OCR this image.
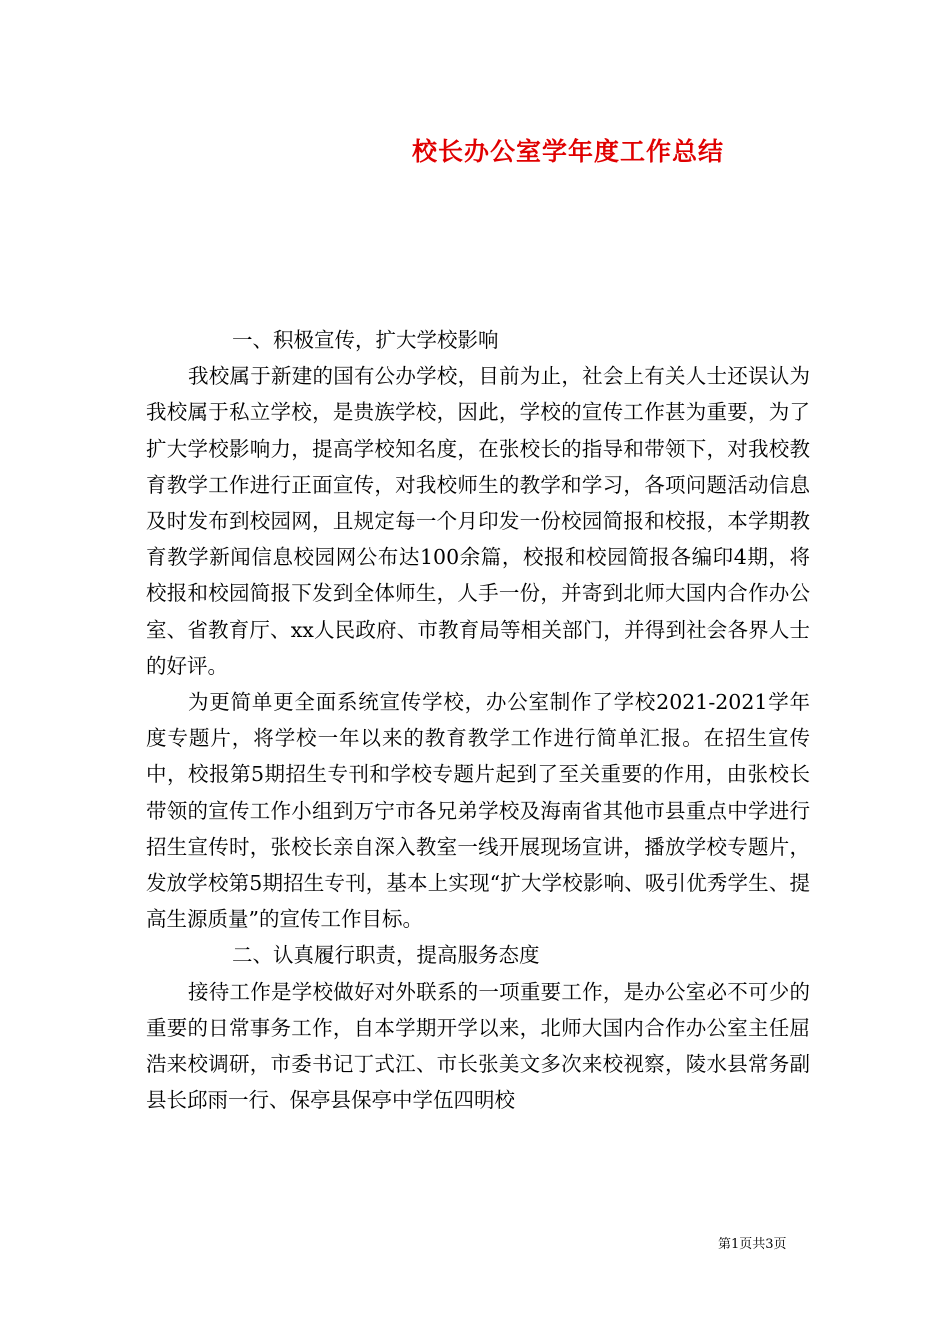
校长办公室学年度工作总结

一、积极宣传，扩大学校影响

我校属于新建的国有公办学校，目前为止，社会上有关人士还误认为我校属于私立学校，是贵族学校，因此，学校的宣传工作甚为重要，为了扩大学校影响力，提高学校知名度，在张校长的指导和带领下，对我校教育教学工作进行正面宣传，对我校师生的教学和学习，各项问题活动信息及时发布到校园网，且规定每一个月印发一份校园简报和校报，本学期教育教学新闻信息校园网公布达100余篇，校报和校园简报各编印4期，将校报和校园简报下发到全体师生，人手一份，并寄到北师大国内合作办公室、省教育厅、xx人民政府、市教育局等相关部门，并得到社会各界人士的好评。

为更简单更全面系统宣传学校，办公室制作了学校2021-2021学年度专题片，将学校一年以来的教育教学工作进行简单汇报。在招生宣传中，校报第5期招生专刊和学校专题片起到了至关重要的作用，由张校长带领的宣传工作小组到万宁市各兄弟学校及海南省其他市县重点中学进行招生宣传时，张校长亲自深入教室一线开展现场宣讲，播放学校专题片，发放学校第5期招生专刊，基本上实现“扩大学校影响、吸引优秀学生、提高生源质量”的宣传工作目标。

二、认真履行职责，提高服务态度

接待工作是学校做好对外联系的一项重要工作，是办公室必不可少的重要的日常事务工作，自本学期开学以来，北师大国内合作办公室主任屈浩来校调研，市委书记丁式江、市长张美文多次来校视察，陵水县常务副县长邱雨一行、保亭县保亭中学伍四明校

第1页共3页
